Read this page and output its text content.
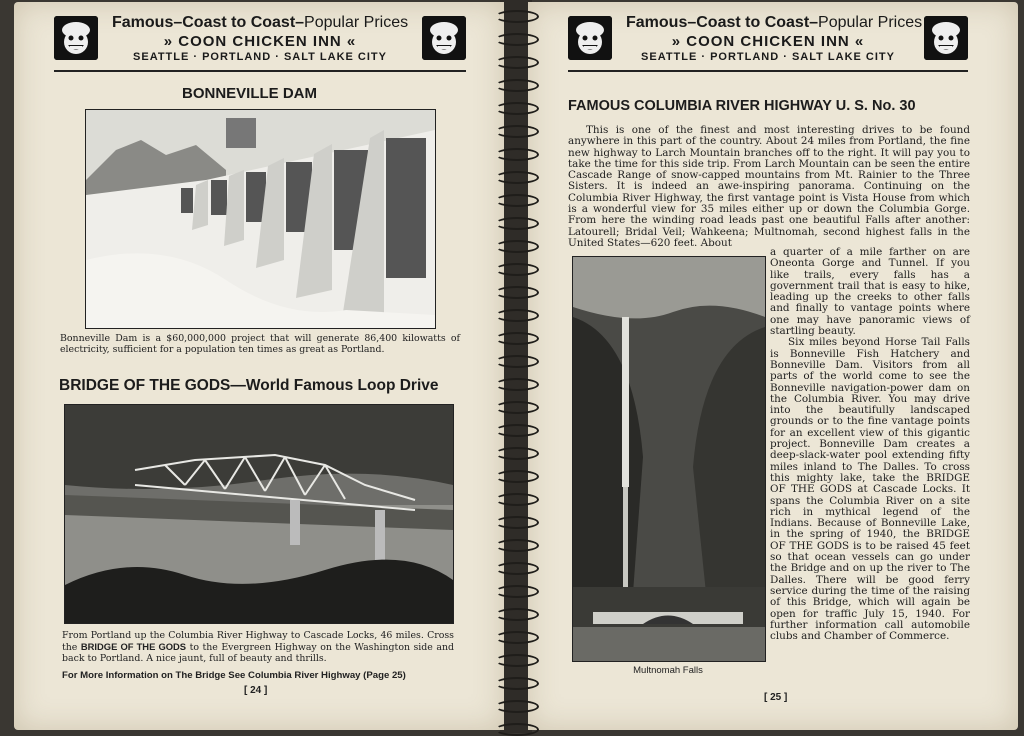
Famous–Coast to Coast–Popular Prices
» COON CHICKEN INN «
SEATTLE · PORTLAND · SALT LAKE CITY
BONNEVILLE DAM
Bonneville Dam is a $60,000,000 project that will generate 86,400 kilowatts of electricity, sufficient for a population ten times as great as Portland.
BRIDGE OF THE GODS—World Famous Loop Drive
From Portland up the Columbia River Highway to Cascade Locks, 46 miles. Cross the BRIDGE OF THE GODS to the Evergreen Highway on the Washington side and back to Portland. A nice jaunt, full of beauty and thrills.
For More Information on The Bridge See Columbia River Highway (Page 25)
[ 24 ]
Famous–Coast to Coast–Popular Prices
» COON CHICKEN INN «
SEATTLE · PORTLAND · SALT LAKE CITY
FAMOUS COLUMBIA RIVER HIGHWAY U. S. No. 30

This is one of the finest and most interesting drives to be found anywhere in this part of the country. About 24 miles from Portland, the fine new highway to Larch Mountain branches off to the right. It will pay you to take the time for this side trip. From Larch Mountain can be seen the entire Cascade Range of snow-capped mountains from Mt. Rainier to the Three Sisters. It is indeed an awe-inspiring panorama. Continuing on the Columbia River Highway, the first vantage point is Vista House from which is a wonderful view for 35 miles either up or down the Columbia Gorge. From here the winding road leads past one beautiful Falls after another: Latourell; Bridal Veil; Wahkeena; Multnomah, second highest falls in the United States—620 feet. About

Multnomah Falls

a quarter of a mile farther on are Oneonta Gorge and Tunnel. If you like trails, every falls has a government trail that is easy to hike, leading up the creeks to other falls and finally to vantage points where one may have panoramic views of startling beauty.

Six miles beyond Horse Tail Falls is Bonneville Fish Hatchery and Bonneville Dam. Visitors from all parts of the world come to see the Bonneville navigation-power dam on the Columbia River. You may drive into the beautifully landscaped grounds or to the fine vantage points for an excellent view of this gigantic project. Bonneville Dam creates a deep-slack-water pool extending fifty miles inland to The Dalles. To cross this mighty lake, take the BRIDGE OF THE GODS at Cascade Locks. It spans the Columbia River on a site rich in mythical legend of the Indians. Because of Bonneville Lake, in the spring of 1940, the BRIDGE OF THE GODS is to be raised 45 feet so that ocean vessels can go under the Bridge and on up the river to The Dalles. There will be good ferry service during the time of the raising of this Bridge, which will again be open for traffic July 15, 1940. For further information call automobile clubs and Chamber of Commerce.

[ 25 ]
